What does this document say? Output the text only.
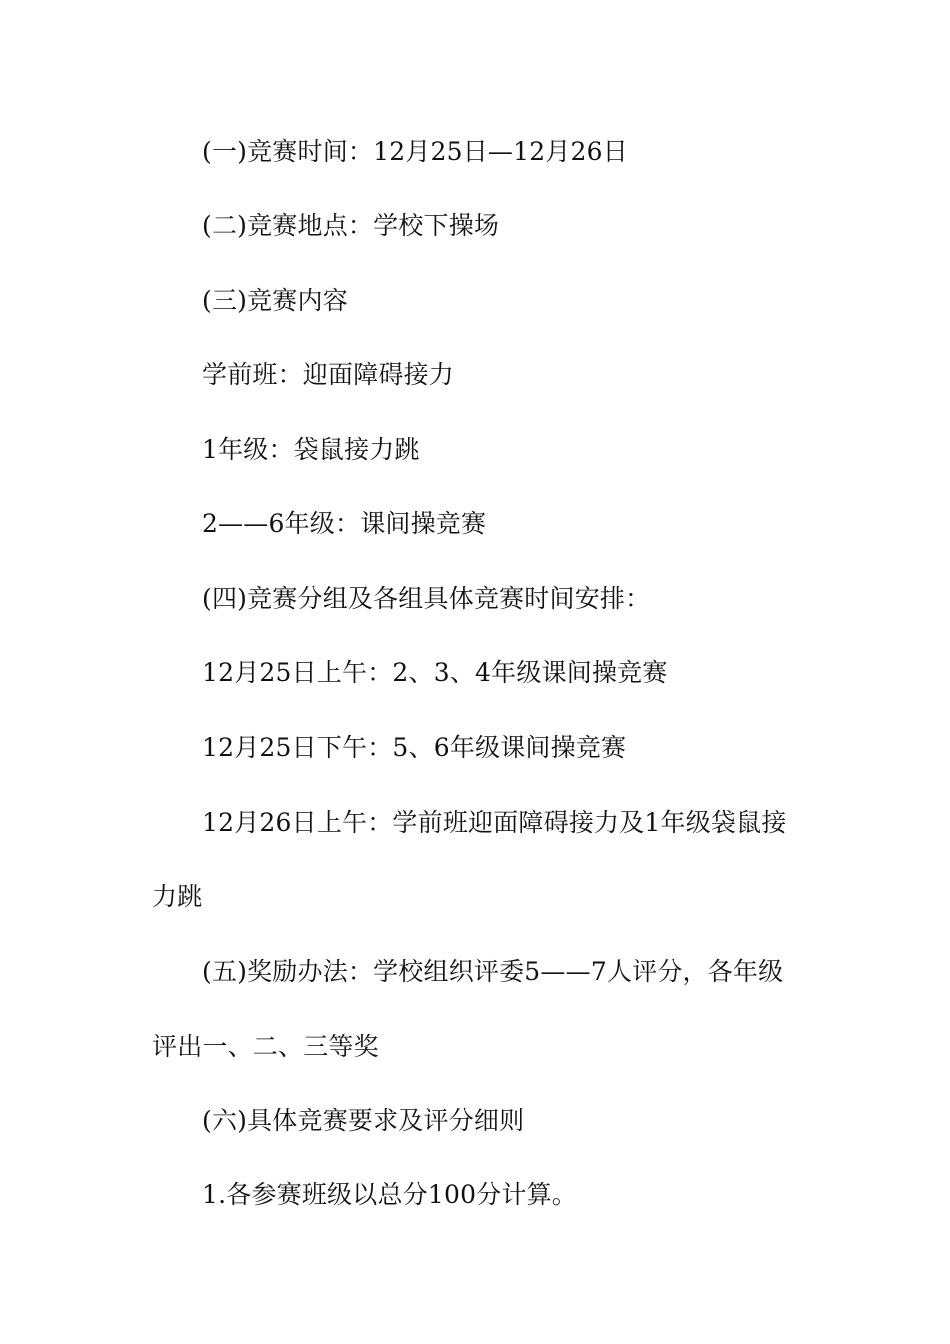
(一)竞赛时间：12月25日—12月26日
(二)竞赛地点：学校下操场
(三)竞赛内容
学前班：迎面障碍接力
1年级：袋鼠接力跳
2——6年级：课间操竞赛
(四)竞赛分组及各组具体竞赛时间安排：
12月25日上午：2、3、4年级课间操竞赛
12月25日下午：5、6年级课间操竞赛
12月26日上午：学前班迎面障碍接力及1年级袋鼠接
力跳
(五)奖励办法：学校组织评委5——7人评分，各年级
评出一、二、三等奖
(六)具体竞赛要求及评分细则
1.各参赛班级以总分100分计算。
